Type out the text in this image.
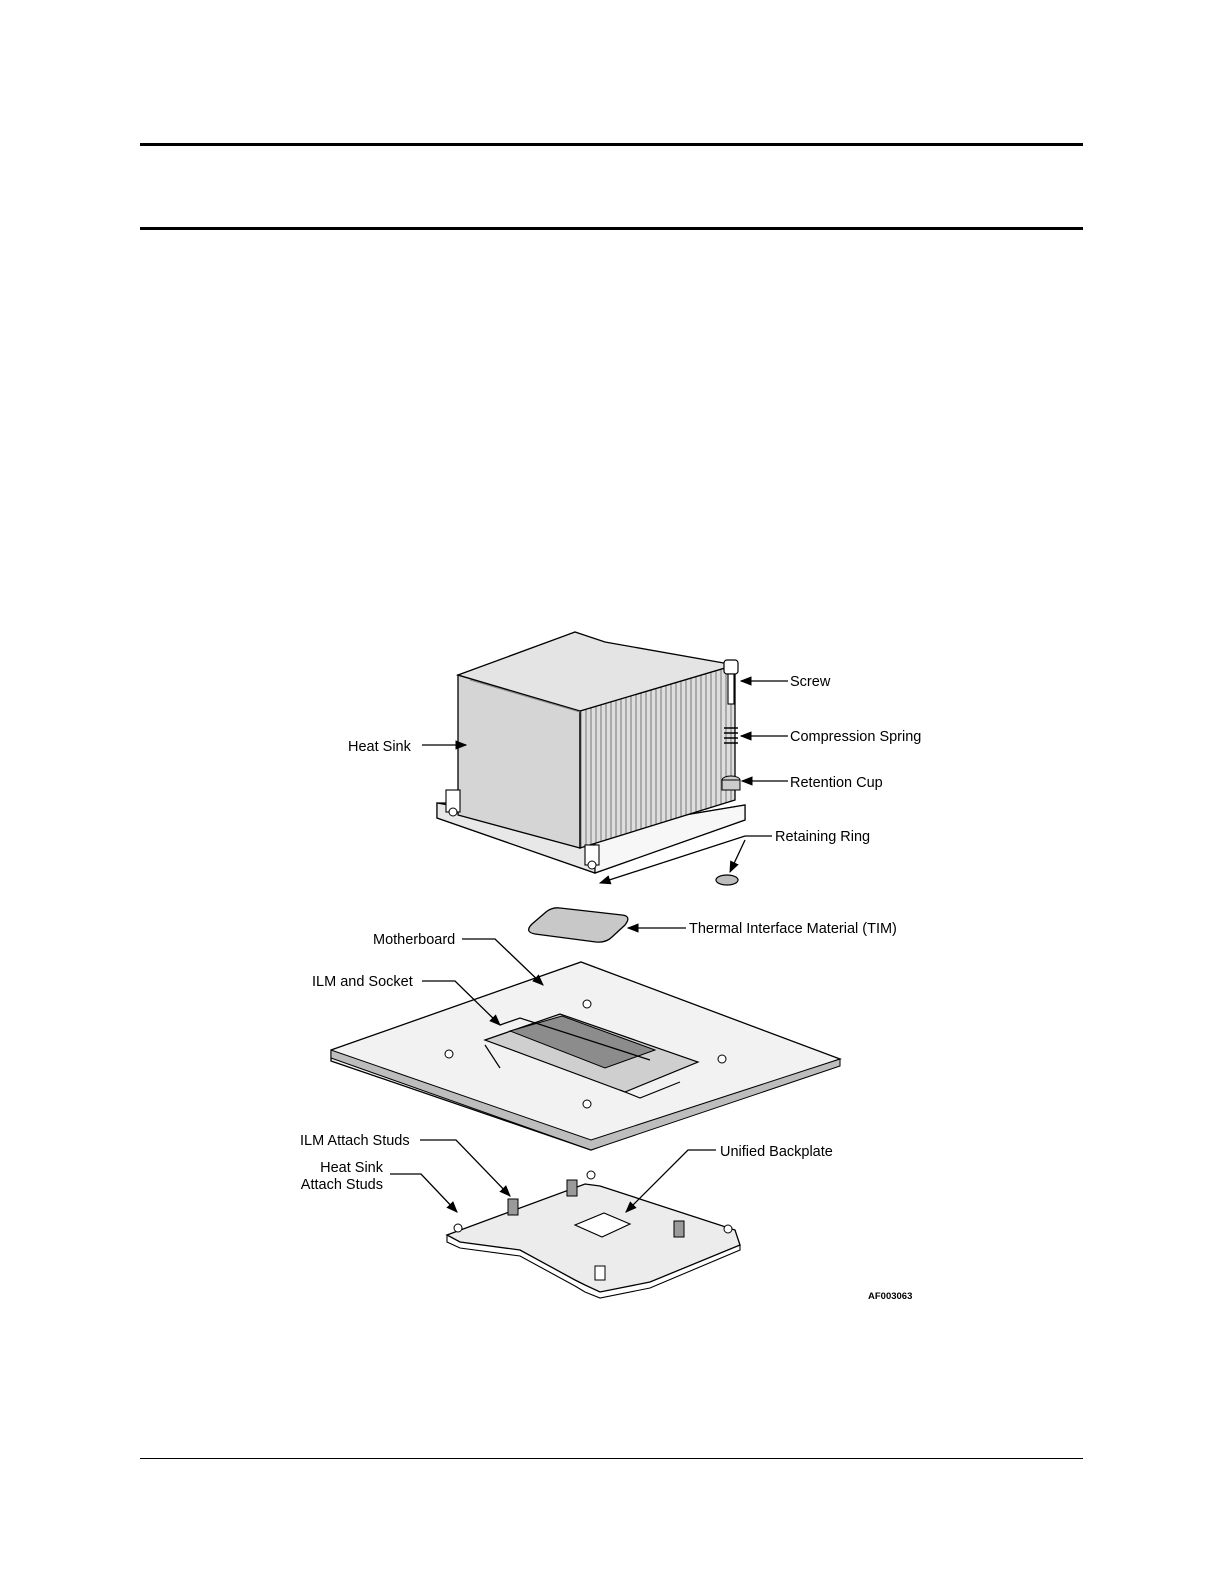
Screw
Compression Spring
Retention Cup
Retaining Ring
Heat Sink
Thermal Interface Material (TIM)
Motherboard
ILM and Socket
ILM Attach Studs
Heat Sink
Attach Studs
Unified Backplate
AF003063
